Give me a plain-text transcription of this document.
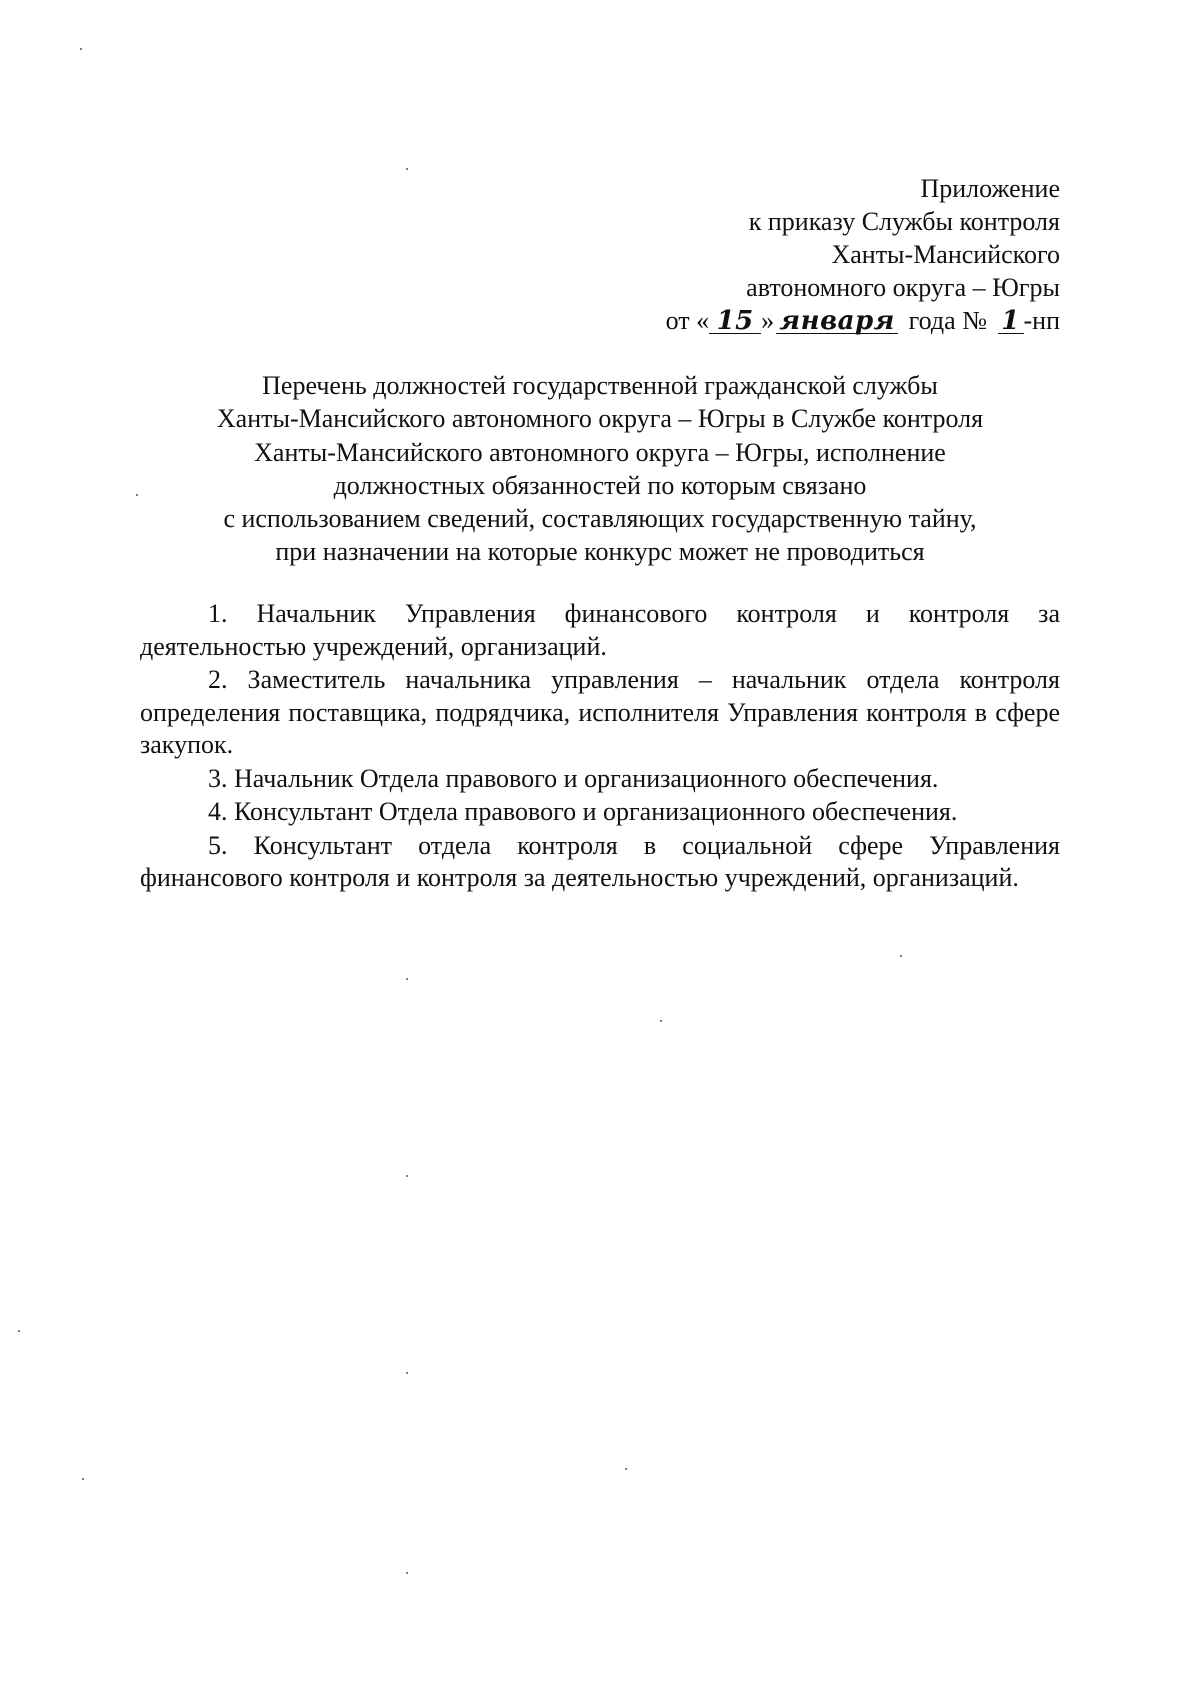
Приложение
к приказу Службы контроля
Ханты-Мансийского
автономного округа – Югры
от « 15 » января года № 1 -нп
Перечень должностей государственной гражданской службы
Ханты-Мансийского автономного округа – Югры в Службе контроля
Ханты-Мансийского автономного округа – Югры, исполнение
должностных обязанностей по которым связано
с использованием сведений, составляющих государственную тайну,
при назначении на которые конкурс может не проводиться

1. Начальник Управления финансового контроля и контроля за деятельностью учреждений, организаций.

2. Заместитель начальника управления – начальник отдела контроля определения поставщика, подрядчика, исполнителя Управления контроля в сфере закупок.

3. Начальник Отдела правового и организационного обеспечения.

4. Консультант Отдела правового и организационного обеспечения.

5. Консультант отдела контроля в социальной сфере Управления финансового контроля и контроля за деятельностью учреждений, организаций.
